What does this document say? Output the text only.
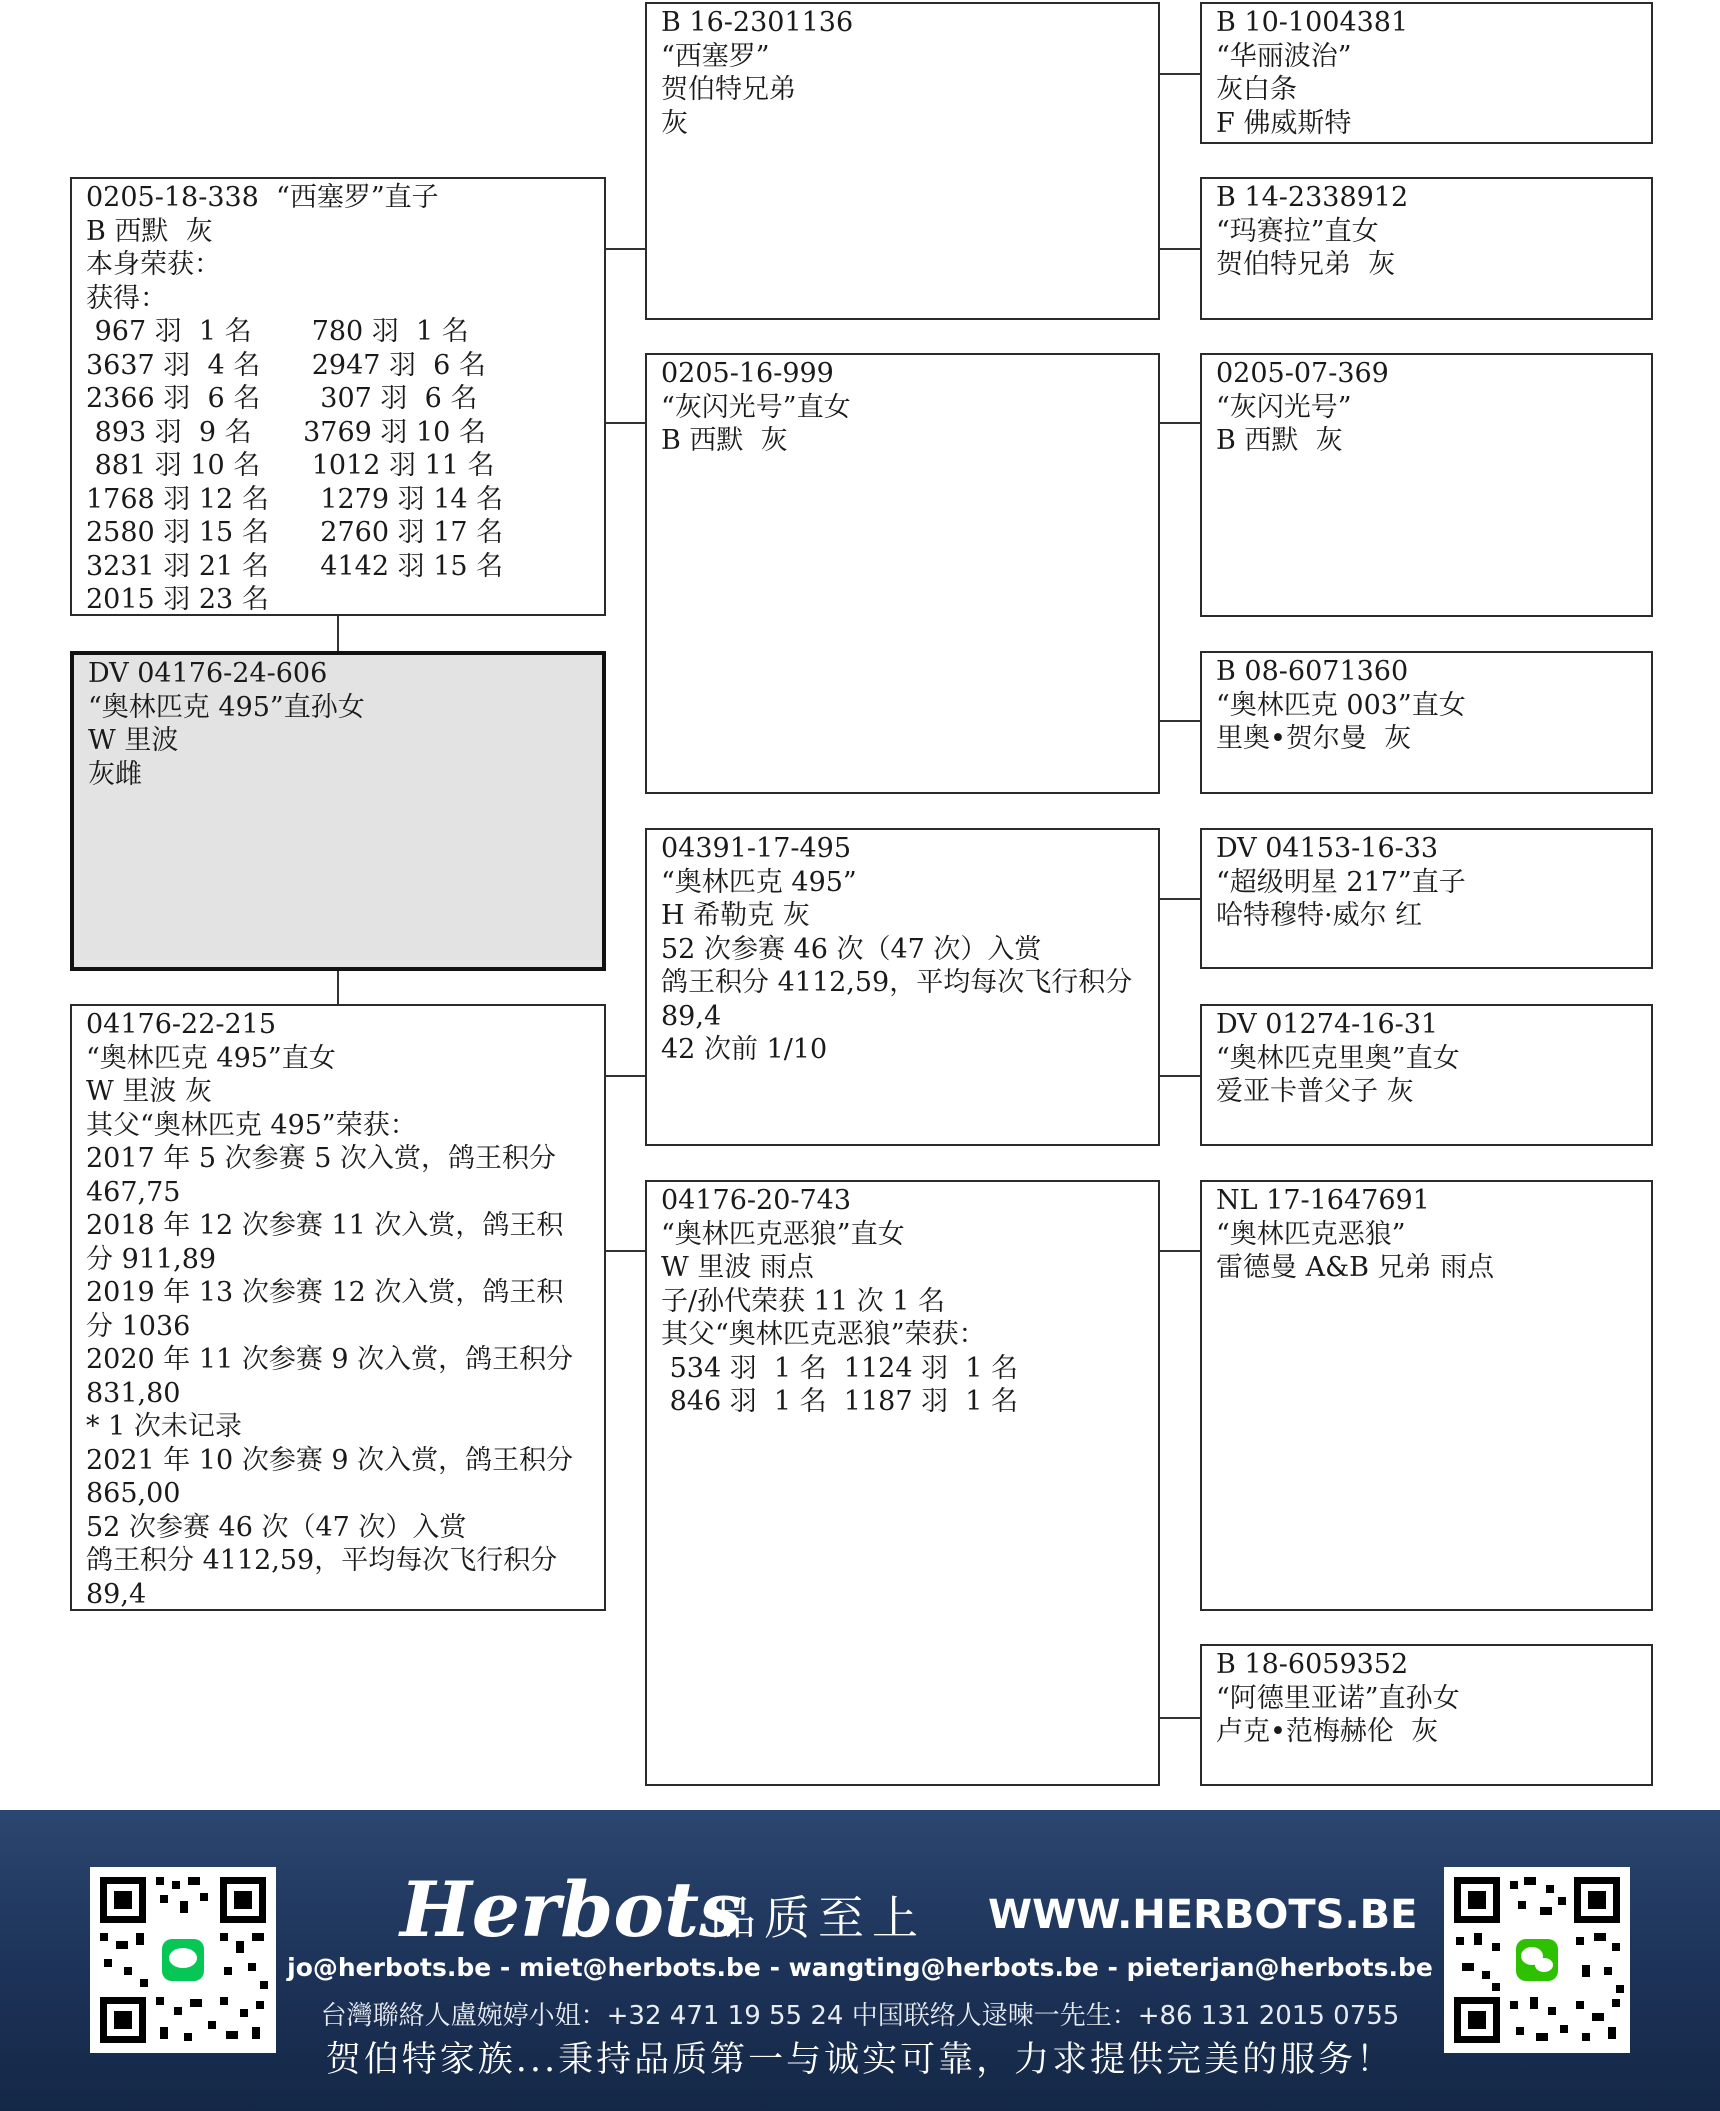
0205-18-338  “西塞罗”直子
B 西默  灰
本身荣获：
获得：
967 羽  1 名       780 羽  1 名
3637 羽  4 名      2947 羽  6 名
2366 羽  6 名       307 羽  6 名
893 羽  9 名      3769 羽 10 名
881 羽 10 名      1012 羽 11 名
1768 羽 12 名      1279 羽 14 名
2580 羽 15 名      2760 羽 17 名
3231 羽 21 名      4142 羽 15 名
2015 羽 23 名
DV 04176-24-606
“奥林匹克 495”直孙女
W 里波
灰雌
04176-22-215
“奥林匹克 495”直女
W 里波 灰
其父“奥林匹克 495”荣获：
2017 年 5 次参赛 5 次入赏，鸽王积分 467,75
2018 年 12 次参赛 11 次入赏，鸽王积分 911,89
2019 年 13 次参赛 12 次入赏，鸽王积分 1036
2020 年 11 次参赛 9 次入赏，鸽王积分 831,80
* 1 次未记录
2021 年 10 次参赛 9 次入赏，鸽王积分 865,00
52 次参赛 46 次（47 次）入赏
鸽王积分 4112,59，平均每次飞行积分 89,4
B 16-2301136
“西塞罗”
贺伯特兄弟
灰
0205-16-999
“灰闪光号”直女
B 西默  灰
04391-17-495
“奥林匹克 495”
H 希勒克 灰
52 次参赛 46 次（47 次）入赏
鸽王积分 4112,59，平均每次飞行积分 89,4
42 次前 1/10
04176-20-743
“奥林匹克恶狼”直女
W 里波 雨点
子/孙代荣获 11 次 1 名
其父“奥林匹克恶狼”荣获：
534 羽  1 名  1124 羽  1 名
846 羽  1 名  1187 羽  1 名
B 10-1004381
“华丽波治”
灰白条
F 佛威斯特
B 14-2338912
“玛赛拉”直女
贺伯特兄弟  灰
0205-07-369
“灰闪光号”
B 西默  灰
B 08-6071360
“奥林匹克 003”直女
里奥•贺尔曼  灰
DV 04153-16-33
“超级明星 217”直子
哈特穆特·威尔 红
DV 01274-16-31
“奥林匹克里奥”直女
爱亚卡普父子 灰
NL 17-1647691
“奥林匹克恶狼”
雷德曼 A&B 兄弟 雨点
B 18-6059352
“阿德里亚诺”直孙女
卢克•范梅赫伦  灰
Herbots
品质至上 WWW.HERBOTS.BE
jo@herbots.be - miet@herbots.be - wangting@herbots.be - pieterjan@herbots.be
台灣聯絡人盧婉婷小姐：+32 471 19 55 24 中国联络人逯暕一先生：+86 131 2015 0755
贺伯特家族...秉持品质第一与诚实可靠，力求提供完美的服务！
